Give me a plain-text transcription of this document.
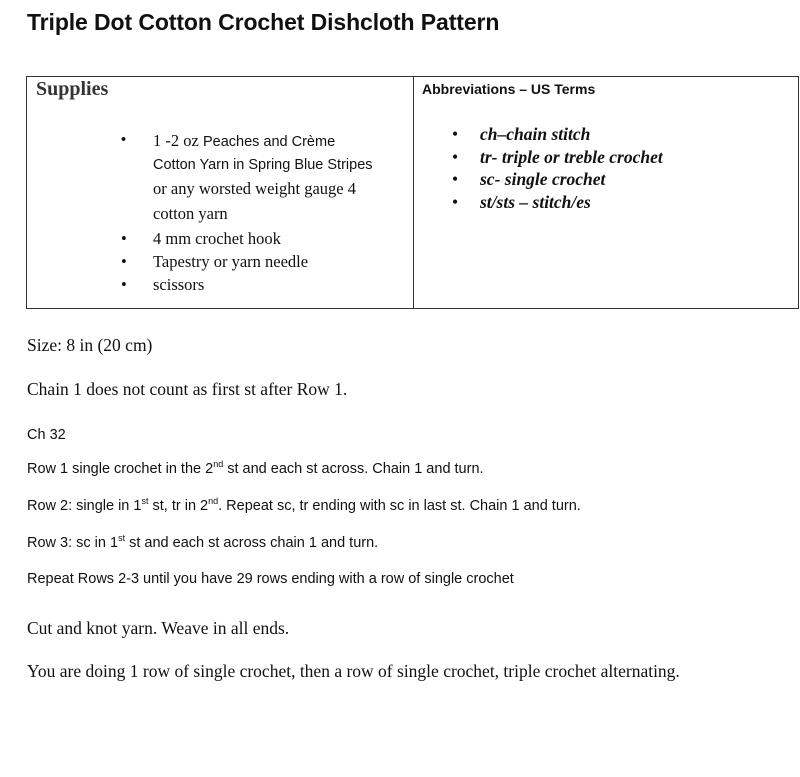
Triple Dot Cotton Crochet Dishcloth Pattern
Supplies
• 1 -2 oz Peaches and Crème
Cotton Yarn in Spring Blue Stripes
or any worsted weight gauge 4
cotton yarn
• 4 mm crochet hook
• Tapestry or yarn needle
• scissors
Abbreviations – US Terms
• ch–chain stitch
• tr- triple or treble crochet
• sc- single crochet
• st/sts – stitch/es

Size: 8 in (20 cm)

Chain 1 does not count as first st after Row 1.

Ch 32

Row 1 single crochet in the 2nd st and each st across. Chain 1 and turn.

Row 2: single in 1st st, tr in 2nd. Repeat sc, tr ending with sc in last st. Chain 1 and turn.

Row 3: sc in 1st st and each st across chain 1 and turn.

Repeat Rows 2-3 until you have 29 rows ending with a row of single crochet

Cut and knot yarn. Weave in all ends.

You are doing 1 row of single crochet, then a row of single crochet, triple crochet alternating.
